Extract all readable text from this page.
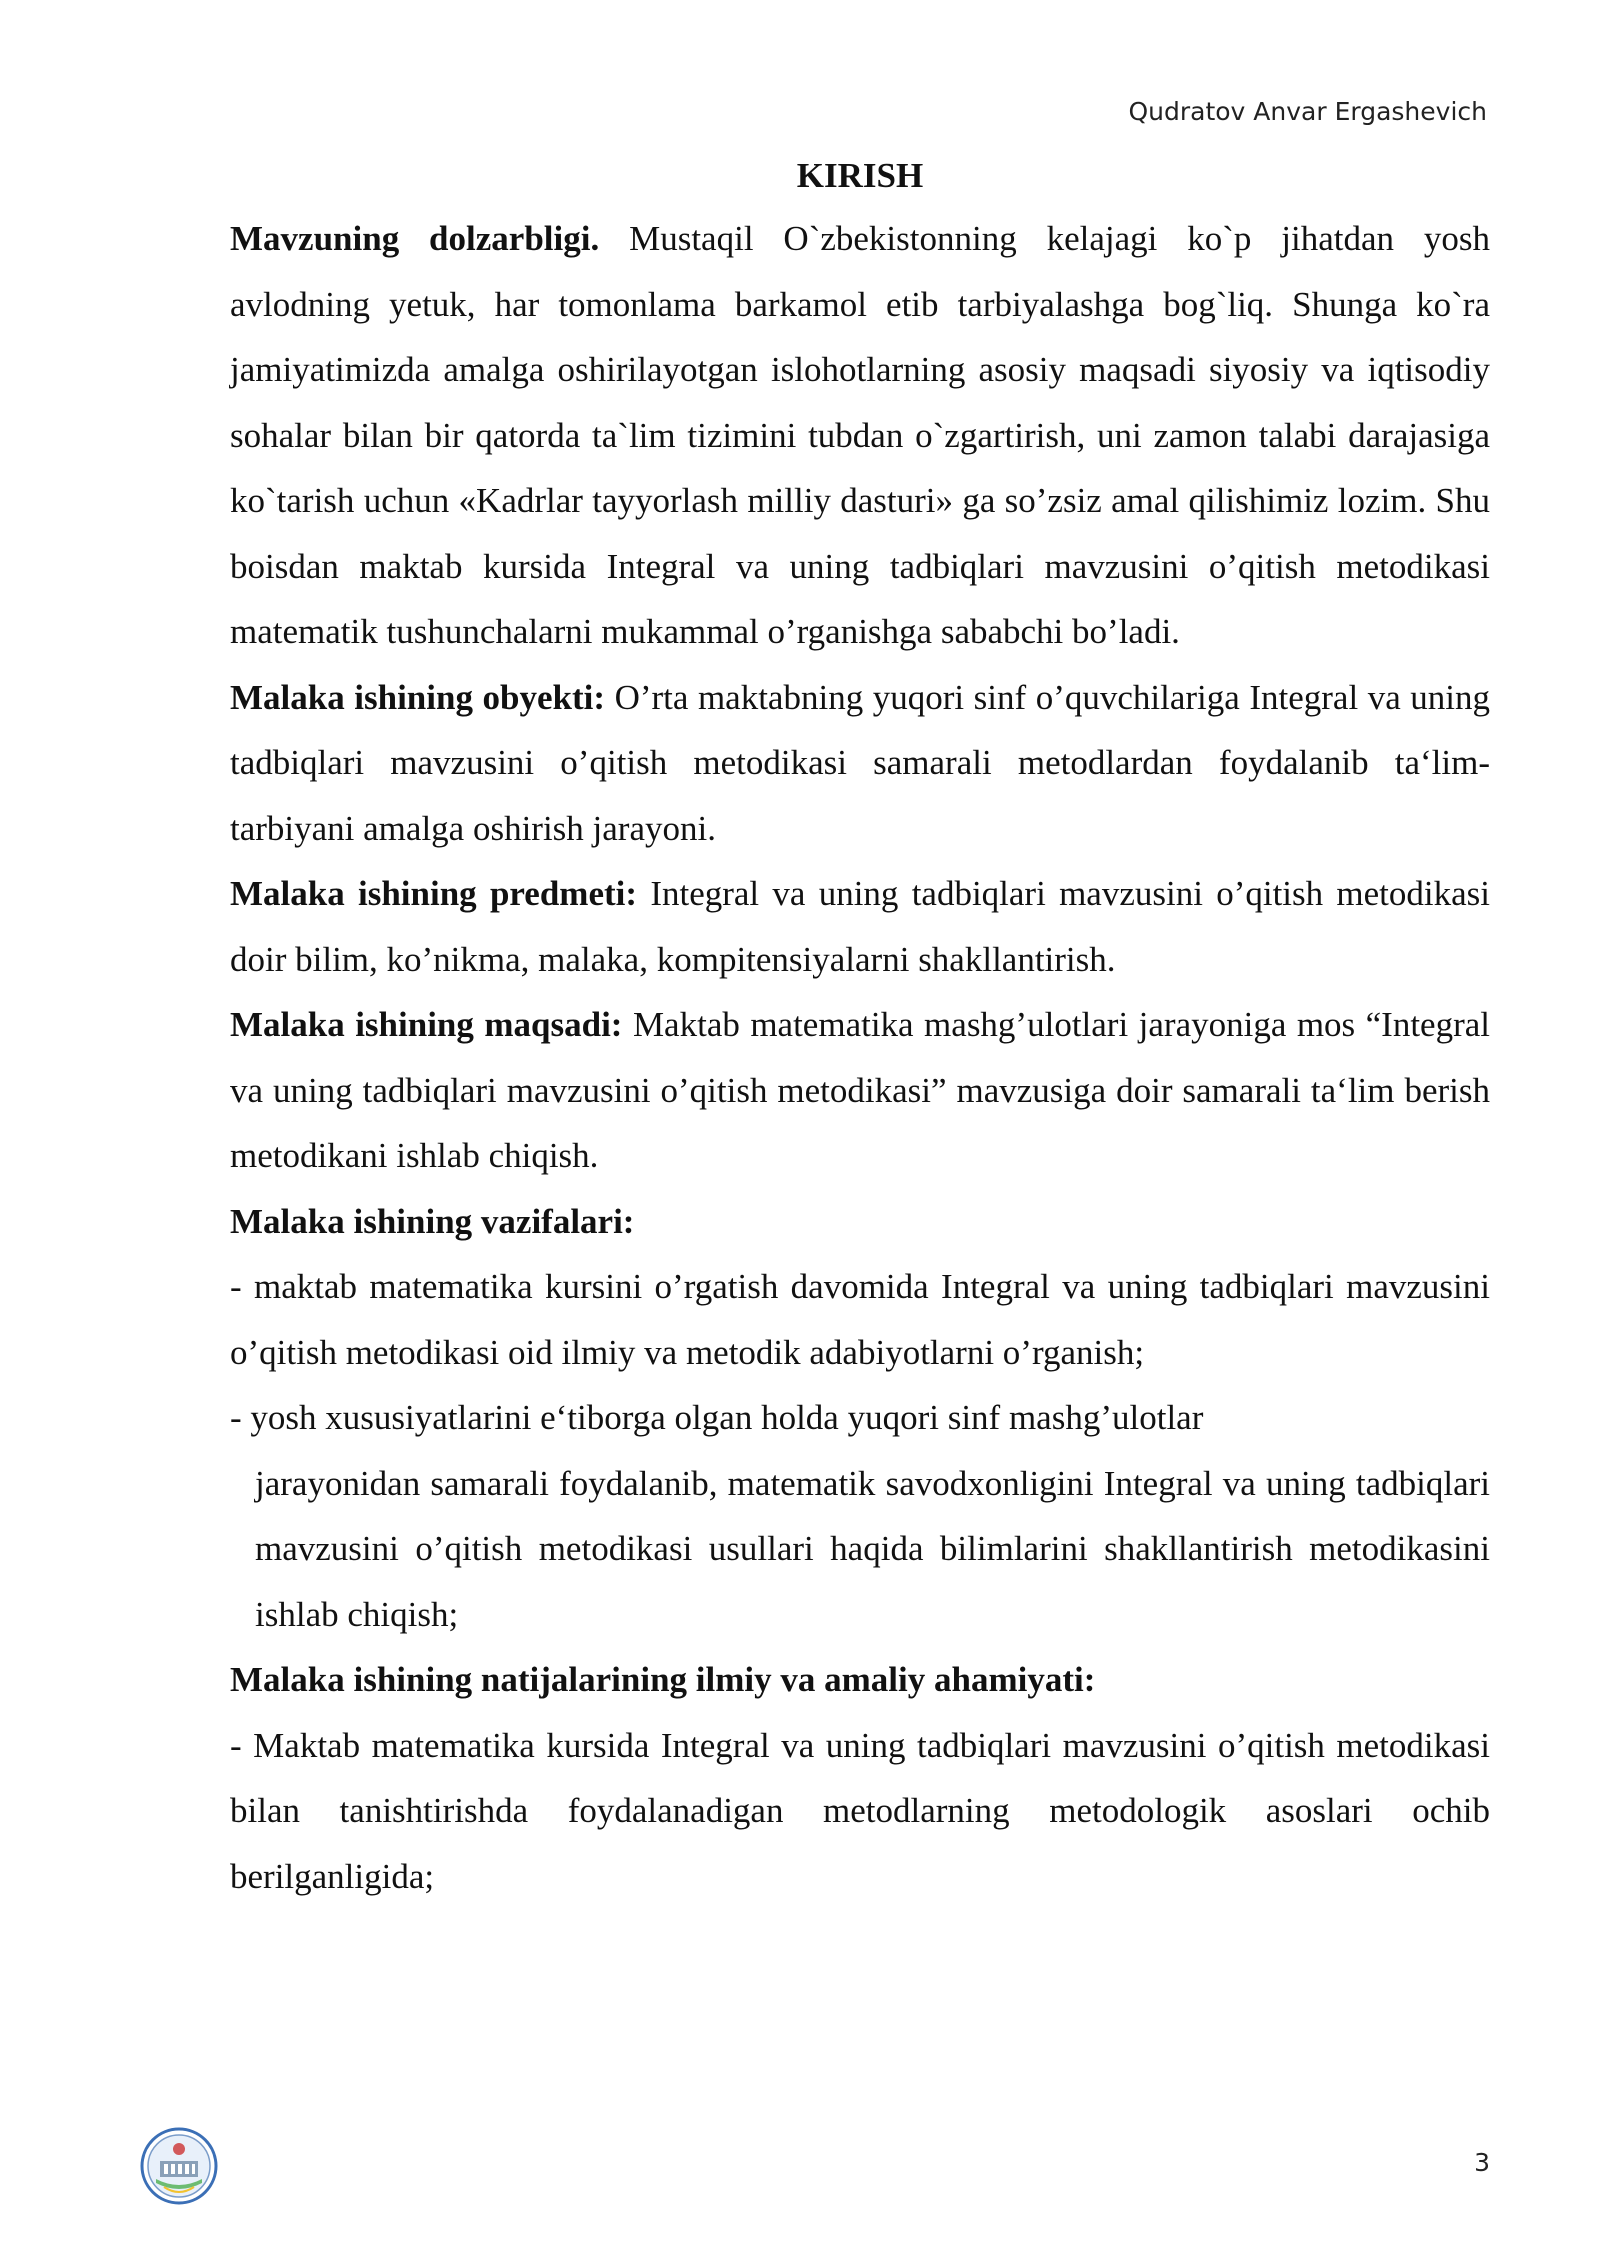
Qudratov Anvar Ergashevich
KIRISH

Mavzuning dolzarbligi. Mustaqil O`zbekistonning kelajagi ko`p jihatdan yosh avlodning yetuk, har tomonlama barkamol etib tarbiyalashga bog`liq. Shunga ko`ra jamiyatimizda amalga oshirilayotgan islohotlarning asosiy maqsadi siyosiy va iqtisodiy sohalar bilan bir qatorda ta`lim tizimini tubdan o`zgartirish, uni zamon talabi darajasiga ko`tarish uchun «Kadrlar tayyorlash milliy dasturi» ga so’zsiz amal qilishimiz lozim. Shu boisdan maktab kursida Integral va uning tadbiqlari mavzusini o’qitish metodikasi matematik tushunchalarni mukammal o’rganishga sababchi bo’ladi.

Malaka ishining obyekti: O’rta maktabning yuqori sinf o’quvchilariga Integral va uning tadbiqlari mavzusini o’qitish metodikasi samarali metodlardan foydalanib ta‘lim-tarbiyani amalga oshirish jarayoni.

Malaka ishining predmeti: Integral va uning tadbiqlari mavzusini o’qitish metodikasi doir bilim, ko’nikma, malaka, kompitensiyalarni shakllantirish.

Malaka ishining maqsadi: Maktab matematika mashg’ulotlari jarayoniga mos “Integral va uning tadbiqlari mavzusini o’qitish metodikasi” mavzusiga doir samarali ta‘lim berish metodikani ishlab chiqish.

Malaka ishining vazifalari:

- maktab matematika kursini o’rgatish davomida Integral va uning tadbiqlari mavzusini o’qitish metodikasi oid ilmiy va metodik adabiyotlarni o’rganish;

- yosh xususiyatlarini e‘tiborga olgan holda yuqori sinf mashg’ulotlar

jarayonidan samarali foydalanib, matematik savodxonligini Integral va uning tadbiqlari mavzusini o’qitish metodikasi usullari haqida bilimlarini shakllantirish metodikasini ishlab chiqish;

Malaka ishining natijalarining ilmiy va amaliy ahamiyati:

- Maktab matematika kursida Integral va uning tadbiqlari mavzusini o’qitish metodikasi bilan tanishtirishda foydalanadigan metodlarning metodologik asoslari ochib berilganligida;

3
